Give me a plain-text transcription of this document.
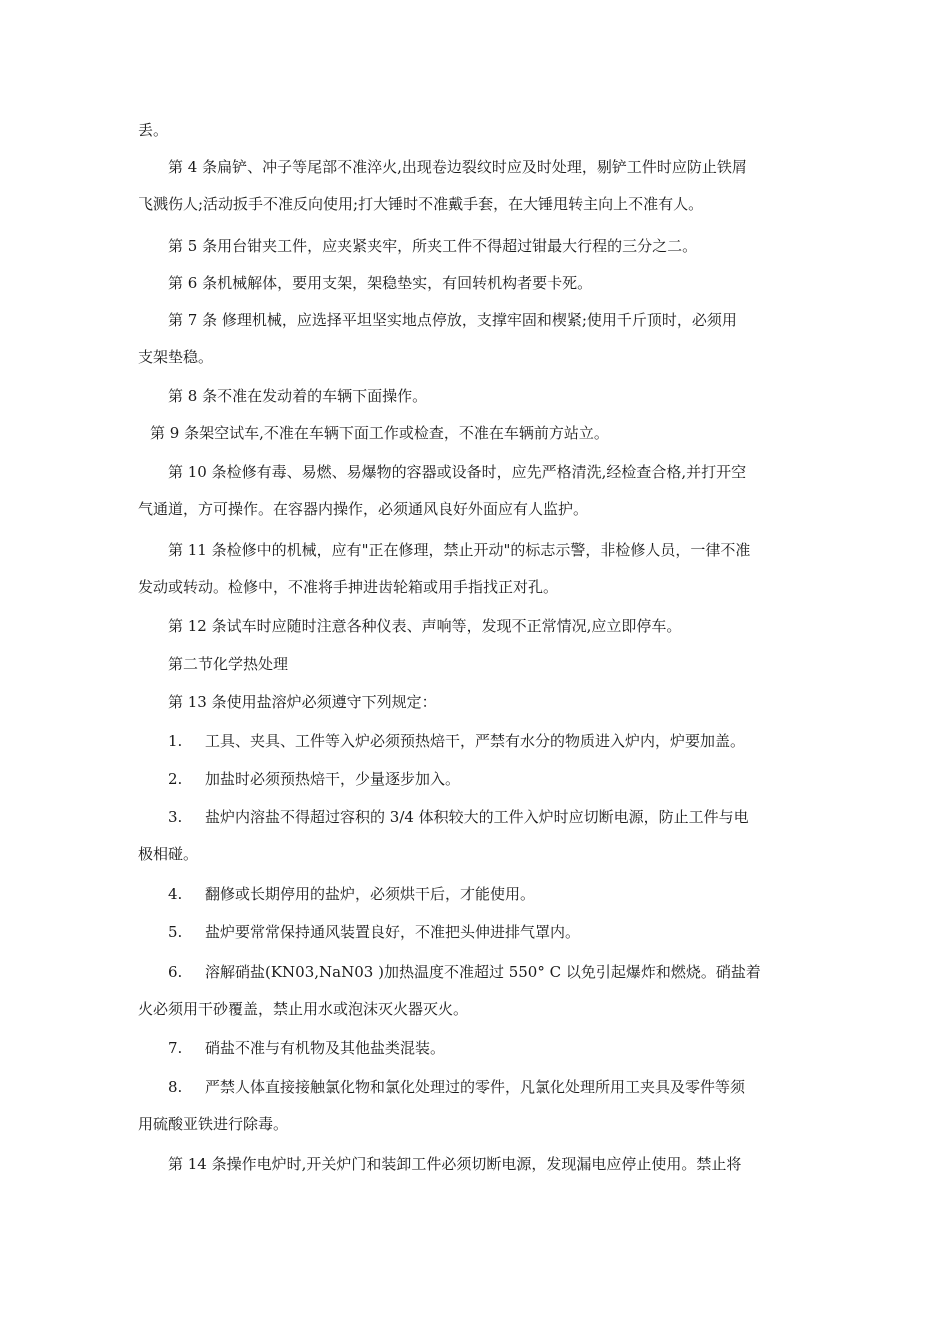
丢。
第 4 条扁铲、冲子等尾部不准淬火,出现卷边裂纹时应及时处理，剔铲工件时应防止铁屑
飞溅伤人;活动扳手不准反向使用;打大锤时不准戴手套，在大锤甩转主向上不准有人。
第 5 条用台钳夹工件，应夹紧夹牢，所夹工件不得超过钳最大行程的三分之二。
第 6 条机械解体，要用支架，架稳垫实，有回转机构者要卡死。
第 7 条 修理机械，应选择平坦坚实地点停放，支撑牢固和楔紧;使用千斤顶时，必须用
支架垫稳。
第 8 条不准在发动着的车辆下面操作。
第 9 条架空试车,不准在车辆下面工作或检查，不准在车辆前方站立。
第 10 条检修有毒、易燃、易爆物的容器或设备时，应先严格清洗,经检查合格,并打开空
气通道，方可操作。在容器内操作，必须通风良好外面应有人监护。
第 11 条检修中的机械，应有"正在修理，禁止开动"的标志示警，非检修人员，一律不准
发动或转动。检修中，不准将手抻进齿轮箱或用手指找正对孔。
第 12 条试车时应随时注意各种仪表、声响等，发现不正常情况,应立即停车。
第二节化学热处理
第 13 条使用盐溶炉必须遵守下列规定：
1. 工具、夹具、工件等入炉必须预热焙干，严禁有水分的物质进入炉内，炉要加盖。
2. 加盐时必须预热焙干，少量逐步加入。
3. 盐炉内溶盐不得超过容积的 3/4 体积较大的工件入炉时应切断电源，防止工件与电
极相碰。
4. 翻修或长期停用的盐炉，必须烘干后，才能使用。
5. 盐炉要常常保持通风装置良好，不准把头伸进排气罩内。
6. 溶解硝盐(KN03,NaN03 )加热温度不准超过 550° C 以免引起爆炸和燃烧。硝盐着
火必须用干砂覆盖，禁止用水或泡沫灭火器灭火。
7. 硝盐不准与有机物及其他盐类混装。
8. 严禁人体直接接触氯化物和氯化处理过的零件，凡氯化处理所用工夹具及零件等须
用硫酸亚铁进行除毒。
第 14 条操作电炉时,开关炉门和装卸工件必须切断电源，发现漏电应停止使用。禁止将
